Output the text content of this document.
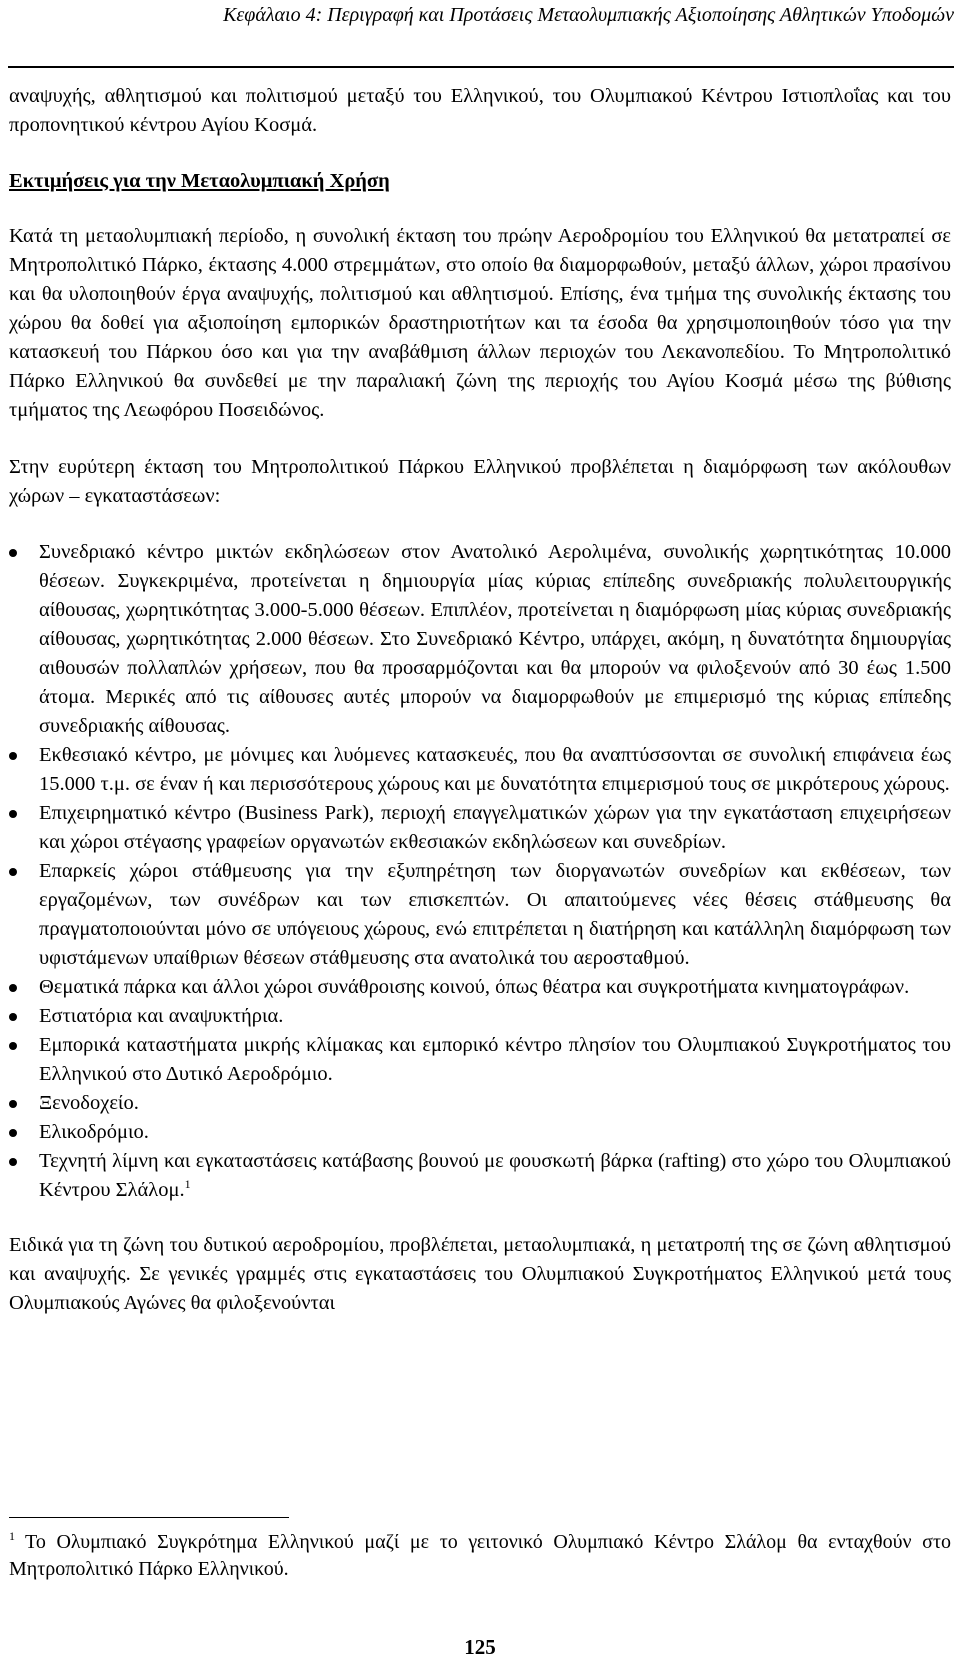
Κεφάλαιο 4: Περιγραφή και Προτάσεις Μεταολυμπιακής Αξιοποίησης Αθλητικών Υποδομών

αναψυχής, αθλητισμού και πολιτισμού μεταξύ του Ελληνικού, του Ολυμπιακού Κέντρου Ιστιοπλοΐας και του προπονητικού κέντρου Αγίου Κοσμά.

Εκτιμήσεις για την Μεταολυμπιακή Χρήση

Κατά τη μεταολυμπιακή περίοδο, η συνολική έκταση του πρώην Αεροδρομίου του Ελληνικού θα μετατραπεί σε Μητροπολιτικό Πάρκο, έκτασης 4.000 στρεμμάτων, στο οποίο θα διαμορφωθούν, μεταξύ άλλων, χώροι πρασίνου και θα υλοποιηθούν έργα αναψυχής, πολιτισμού και αθλητισμού. Επίσης, ένα τμήμα της συνολικής έκτασης του χώρου θα δοθεί για αξιοποίηση εμπορικών δραστηριοτήτων και τα έσοδα θα χρησιμοποιηθούν τόσο για την κατασκευή του Πάρκου όσο και για την αναβάθμιση άλλων περιοχών του Λεκανοπεδίου. Το Μητροπολιτικό Πάρκο Ελληνικού θα συνδεθεί με την παραλιακή ζώνη της περιοχής του Αγίου Κοσμά μέσω της βύθισης τμήματος της Λεωφόρου Ποσειδώνος.

Στην ευρύτερη έκταση του Μητροπολιτικού Πάρκου Ελληνικού προβλέπεται η διαμόρφωση των ακόλουθων χώρων – εγκαταστάσεων:

Συνεδριακό κέντρο μικτών εκδηλώσεων στον Ανατολικό Αερολιμένα, συνολικής χωρητικότητας 10.000 θέσεων. Συγκεκριμένα, προτείνεται η δημιουργία μίας κύριας επίπεδης συνεδριακής πολυλειτουργικής αίθουσας, χωρητικότητας 3.000-5.000 θέσεων. Επιπλέον, προτείνεται η διαμόρφωση μίας κύριας συνεδριακής αίθουσας, χωρητικότητας 2.000 θέσεων. Στο Συνεδριακό Κέντρο, υπάρχει, ακόμη, η δυνατότητα δημιουργίας αιθουσών πολλαπλών χρήσεων, που θα προσαρμόζονται και θα μπορούν να φιλοξενούν από 30 έως 1.500 άτομα. Μερικές από τις αίθουσες αυτές μπορούν να διαμορφωθούν με επιμερισμό της κύριας επίπεδης συνεδριακής αίθουσας.
Εκθεσιακό κέντρο, με μόνιμες και λυόμενες κατασκευές, που θα αναπτύσσονται σε συνολική επιφάνεια έως 15.000 τ.μ. σε έναν ή και περισσότερους χώρους και με δυνατότητα επιμερισμού τους σε μικρότερους χώρους.
Επιχειρηματικό κέντρο (Business Park), περιοχή επαγγελματικών χώρων για την εγκατάσταση επιχειρήσεων και χώροι στέγασης γραφείων οργανωτών εκθεσιακών εκδηλώσεων και συνεδρίων.
Επαρκείς χώροι στάθμευσης για την εξυπηρέτηση των διοργανωτών συνεδρίων και εκθέσεων, των εργαζομένων, των συνέδρων και των επισκεπτών. Οι απαιτούμενες νέες θέσεις στάθμευσης θα πραγματοποιούνται μόνο σε υπόγειους χώρους, ενώ επιτρέπεται η διατήρηση και κατάλληλη διαμόρφωση των υφιστάμενων υπαίθριων θέσεων στάθμευσης στα ανατολικά του αεροσταθμού.
Θεματικά πάρκα και άλλοι χώροι συνάθροισης κοινού, όπως θέατρα και συγκροτήματα κινηματογράφων.
Εστιατόρια και αναψυκτήρια.
Εμπορικά καταστήματα μικρής κλίμακας και εμπορικό κέντρο πλησίον του Ολυμπιακού Συγκροτήματος του Ελληνικού στο Δυτικό Αεροδρόμιο.
Ξενοδοχείο.
Ελικοδρόμιο.
Τεχνητή λίμνη και εγκαταστάσεις κατάβασης βουνού με φουσκωτή βάρκα (rafting) στο χώρο του Ολυμπιακού Κέντρου Σλάλομ.$^1$

Ειδικά για τη ζώνη του δυτικού αεροδρομίου, προβλέπεται, μεταολυμπιακά, η μετατροπή της σε ζώνη αθλητισμού και αναψυχής. Σε γενικές γραμμές στις εγκαταστάσεις του Ολυμπιακού Συγκροτήματος Ελληνικού μετά τους Ολυμπιακούς Αγώνες θα φιλοξενούνται

$^1$ Το Ολυμπιακό Συγκρότημα Ελληνικού μαζί με το γειτονικό Ολυμπιακό Κέντρο Σλάλομ θα ενταχθούν στο Μητροπολιτικό Πάρκο Ελληνικού.
125
